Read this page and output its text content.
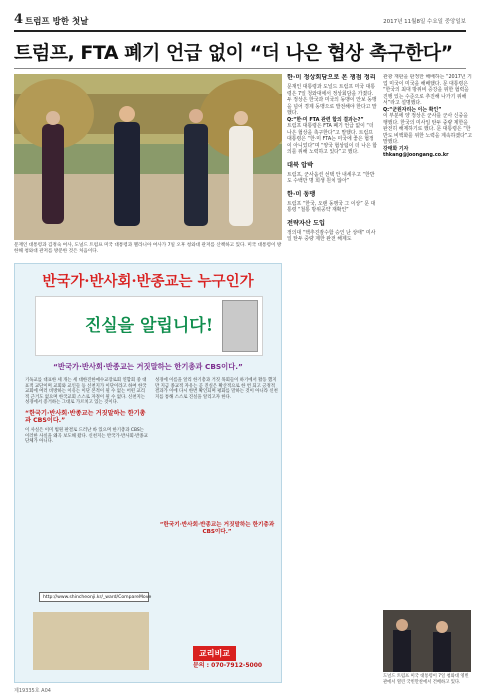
4 트럼프 방한 첫날	2017년 11월8일 수요일 중앙일보
트럼프, FTA 폐기 언급 없이 “더 나은 협상 촉구한다”
문재인 대통령과 김정숙 여사, 도널드 트럼프 미국 대통령과 멜라니아 여사가 7일 오후 청와대 관저를 산책하고 있다. 미국 대통령이 방한해 청와대 관저를 방문한 것은 처음이다.
반국가·반사회·반종교는 누구인가
진실을 알립니다!
“반국가·반사회·반종교는 거짓말하는 한기총과 CBS이다.”
기독교를 대표한 세 개는 세 대한진한예수교장로회 연합회 중 대표적 교단이며 교회와 교인들 등 신천지가 이단이라고 하여 한국교회에 여러 비방하는 이유는 이단 본적이 될 수 없는 어떤 교리적 근거도 없으며 한국교회 스스로 자정이 될 수 없다. 신천지는 성경에서 증거하는 그대로 가르치고 있는 것이다.
“한국기·반사회·반종교는 거짓말하는 한기총과 CBS이다.”
이 사실은 이미 법원 판결로 드러난 바 있으며 한기총과 CBS는 이러한 사실을 왜곡 보도해 왔다. 신천지는 반국가·반사회·반종교 단체가 아니다.
성경에 이름을 알리 한기총과 거짓 목회들이 하기에서 활동 했지만 지금 종교적 자유는 곧 진실은 확산적으로 한 번 되고 긍정적 결과가 이에 다시 한번 확인되며 평화를 말하는 것이 아니라 신천지를 통해 스스로 진실을 알리고자 한다.
“한국기·반사회·반종교는 거짓말하는 한기총과 CBS이다.”
http://www.shincheonji.kr/_ward/CompareMove
교리비교
문의 : 070-7912-5000
한·미 정상회담으로 본 쟁점 정리
문재인 대통령과 도널드 트럼프 미국 대통령은 7일 청와대에서 정상회담을 가졌다. 두 정상은 한국과 미국의 동맹이 안보 동맹을 넘어 경제 동맹으로 발전해야 한다고 말했다.
Q:“한·미 FTA 관련 합의 결과는?”
트럼프 대통령은 FTA 폐기 언급 없이 “더 나은 협상을 촉구한다”고 말했다. 트럼프 대통령은 “한·미 FTA는 미국에 좋은 협정이 아니었다”며 “양국 협상팀이 더 나은 합의를 위해 노력하고 있다”고 했다.
대북 압박
트럼프, 군사옵션 선택 안 내세우고 “한반도 수백만 명 희생 원치 않아”
한·미 동맹
트럼프 “한국, 오랜 동맹국 그 이상” 문 대통령 “철통 방위공약 재확인”
전략자산 도입
정의대 “핵추진잠수함 승인 난 상태” 미사일 탄두 중량 제한 완전 해제도
관광 재판을 판정한 해배하는 “2017년 기업 미국이 미국을 해배했다. 문 대통령은 “한국의 최대 방위비 증강을 위한 협력을 진행 있는 수준으로 추진해 나가기 위해 서”라고 설명했다.
Q:“군원자리는 이는 확인”
이 부분에 양 정상은 군사를 군사 신중을 행했다. 한국의 미사일 탄두 중량 제한을 완전히 해제하기로 했다. 문 대통령은 “한반도 비핵화를 위한 노력을 계속하겠다”고 말했다.
강태화 기자 thkang@joongang.co.kr
도널드 트럼프 미국 대통령이 7일 청와대 영빈관에서 열린 국빈만찬에서 건배하고 있다.
제19335호 A04
